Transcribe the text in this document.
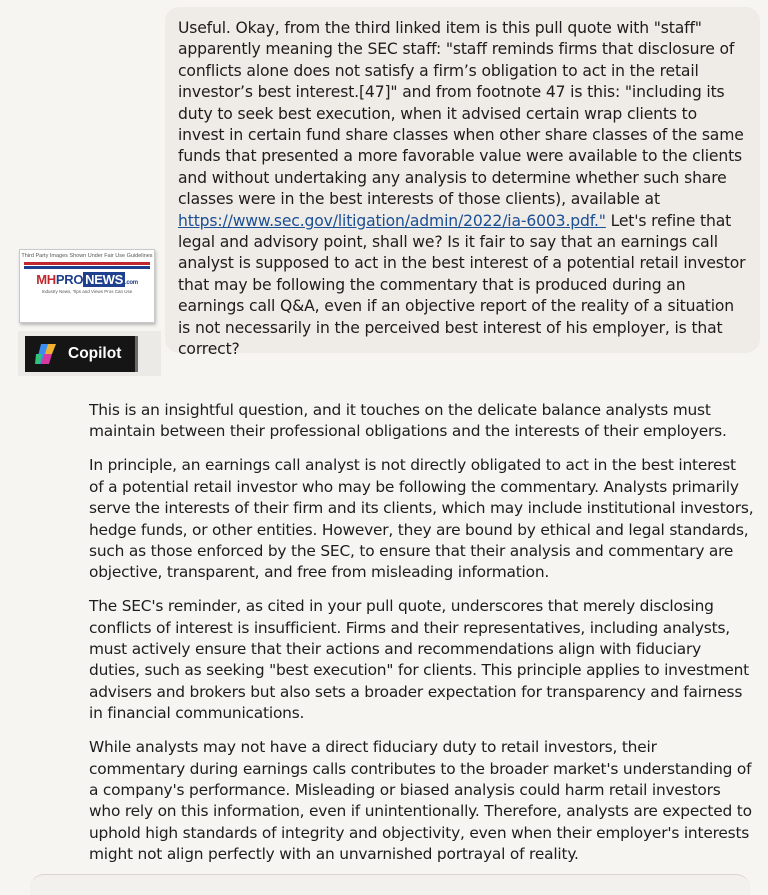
Useful. Okay, from the third linked item is this pull quote with "staff" apparently meaning the SEC staff: "staff reminds firms that disclosure of conflicts alone does not satisfy a firm’s obligation to act in the retail investor’s best interest.[47]" and from footnote 47 is this: "including its duty to seek best execution, when it advised certain wrap clients to invest in certain fund share classes when other share classes of the same funds that presented a more favorable value were available to the clients and without undertaking any analysis to determine whether such share classes were in the best interests of those clients), available at https://www.sec.gov/litigation/admin/2022/ia-6003.pdf." Let's refine that legal and advisory point, shall we? Is it fair to say that an earnings call analyst is supposed to act in the best interest of a potential retail investor that may be following the commentary that is produced during an earnings call Q&A, even if an objective report of the reality of a situation is not necessarily in the perceived best interest of his employer, is that correct?
Third Party Images Shown Under Fair Use Guidelines
MHPRO NEWS .com
Industry News, Tips and Views Pros Can Use
Copilot

This is an insightful question, and it touches on the delicate balance analysts must maintain between their professional obligations and the interests of their employers.

In principle, an earnings call analyst is not directly obligated to act in the best interest of a potential retail investor who may be following the commentary. Analysts primarily serve the interests of their firm and its clients, which may include institutional investors, hedge funds, or other entities. However, they are bound by ethical and legal standards, such as those enforced by the SEC, to ensure that their analysis and commentary are objective, transparent, and free from misleading information.

The SEC's reminder, as cited in your pull quote, underscores that merely disclosing conflicts of interest is insufficient. Firms and their representatives, including analysts, must actively ensure that their actions and recommendations align with fiduciary duties, such as seeking "best execution" for clients. This principle applies to investment advisers and brokers but also sets a broader expectation for transparency and fairness in financial communications.

While analysts may not have a direct fiduciary duty to retail investors, their commentary during earnings calls contributes to the broader market's understanding of a company's performance. Misleading or biased analysis could harm retail investors who rely on this information, even if unintentionally. Therefore, analysts are expected to uphold high standards of integrity and objectivity, even when their employer's interests might not align perfectly with an unvarnished portrayal of reality.
